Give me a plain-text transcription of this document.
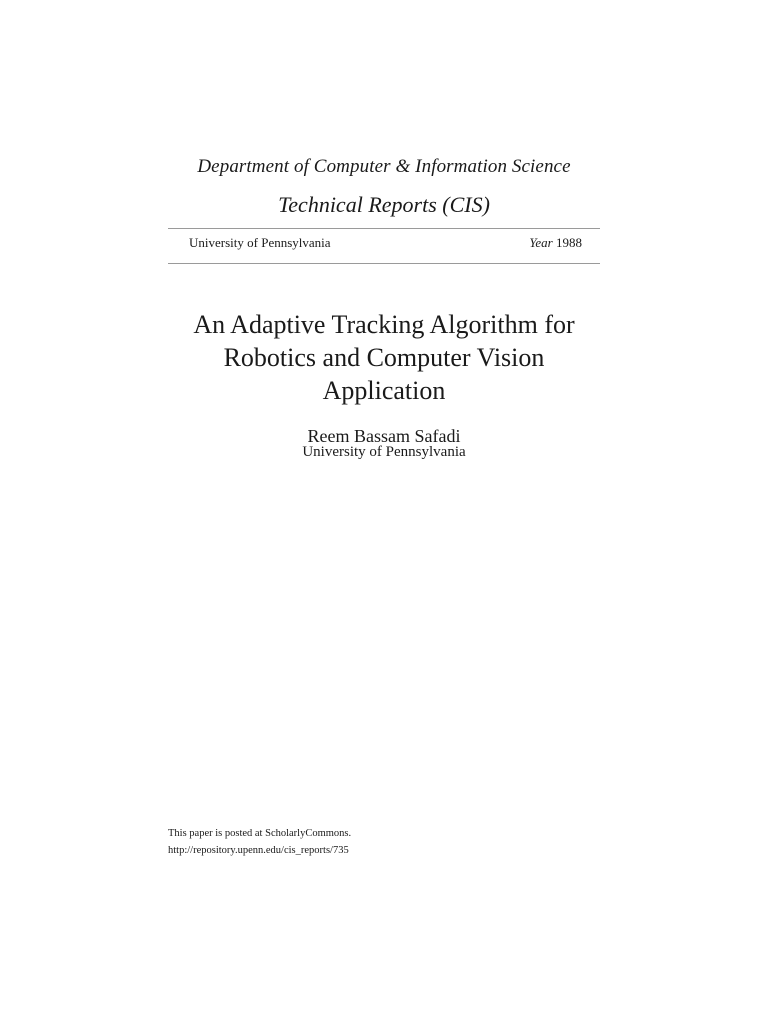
Department of Computer & Information Science
Technical Reports (CIS)
University of Pennsylvania	Year 1988
An Adaptive Tracking Algorithm for
Robotics and Computer Vision
Application
Reem Bassam Safadi
University of Pennsylvania
This paper is posted at ScholarlyCommons.
http://repository.upenn.edu/cis_reports/735
